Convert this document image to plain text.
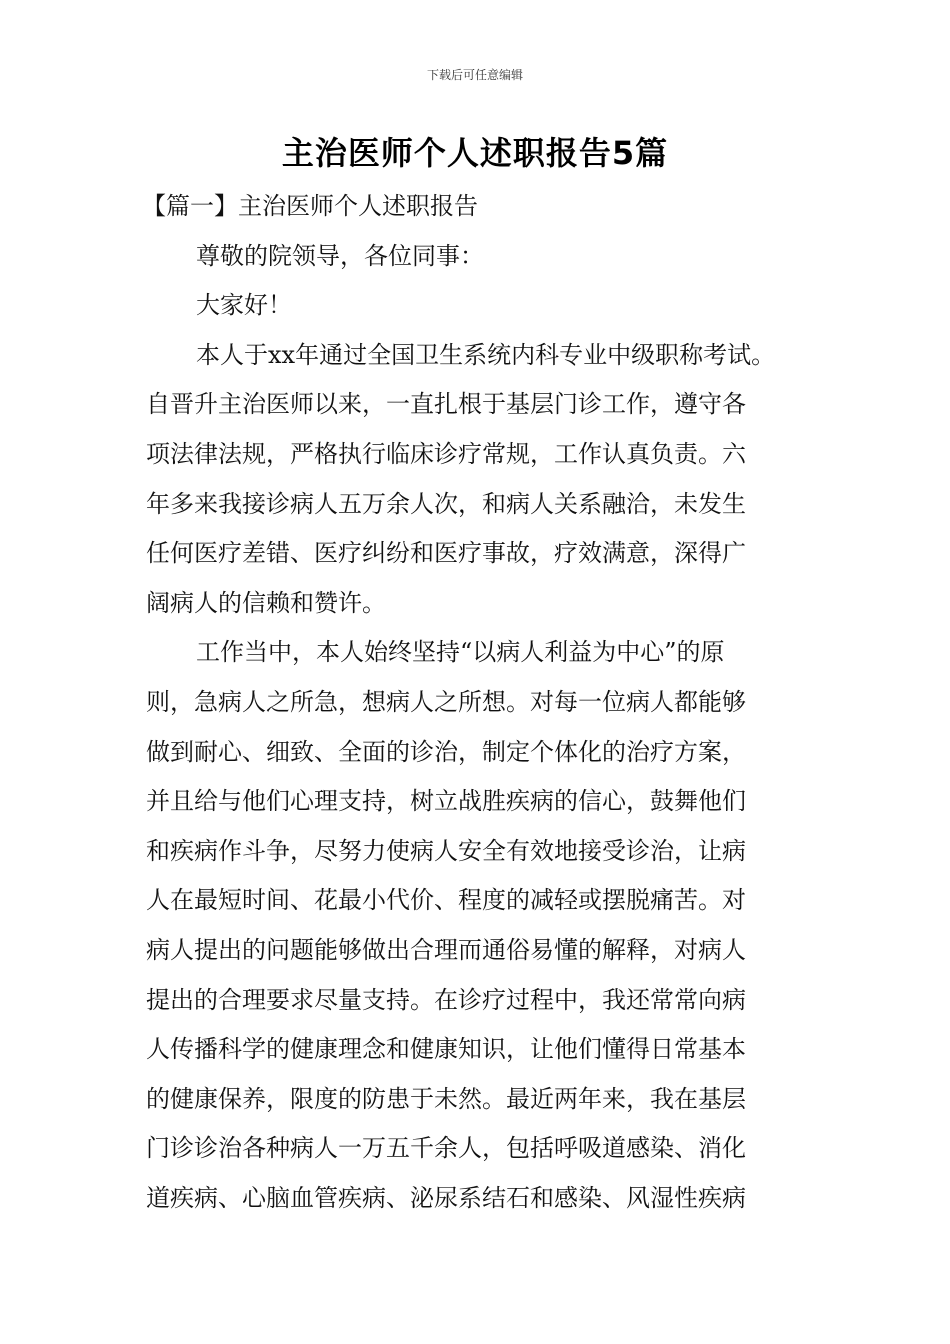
下载后可任意编辑
主治医师个人述职报告5篇
【篇一】主治医师个人述职报告
尊敬的院领导，各位同事：
大家好！
本人于xx年通过全国卫生系统内科专业中级职称考试。
自晋升主治医师以来，一直扎根于基层门诊工作，遵守各
项法律法规，严格执行临床诊疗常规，工作认真负责。六
年多来我接诊病人五万余人次，和病人关系融洽，未发生
任何医疗差错、医疗纠纷和医疗事故，疗效满意，深得广
阔病人的信赖和赞许。
工作当中，本人始终坚持“以病人利益为中心”的原
则，急病人之所急，想病人之所想。对每一位病人都能够
做到耐心、细致、全面的诊治，制定个体化的治疗方案，
并且给与他们心理支持，树立战胜疾病的信心，鼓舞他们
和疾病作斗争，尽努力使病人安全有效地接受诊治，让病
人在最短时间、花最小代价、程度的减轻或摆脱痛苦。对
病人提出的问题能够做出合理而通俗易懂的解释，对病人
提出的合理要求尽量支持。在诊疗过程中，我还常常向病
人传播科学的健康理念和健康知识，让他们懂得日常基本
的健康保养，限度的防患于未然。最近两年来，我在基层
门诊诊治各种病人一万五千余人，包括呼吸道感染、消化
道疾病、心脑血管疾病、泌尿系结石和感染、风湿性疾病
